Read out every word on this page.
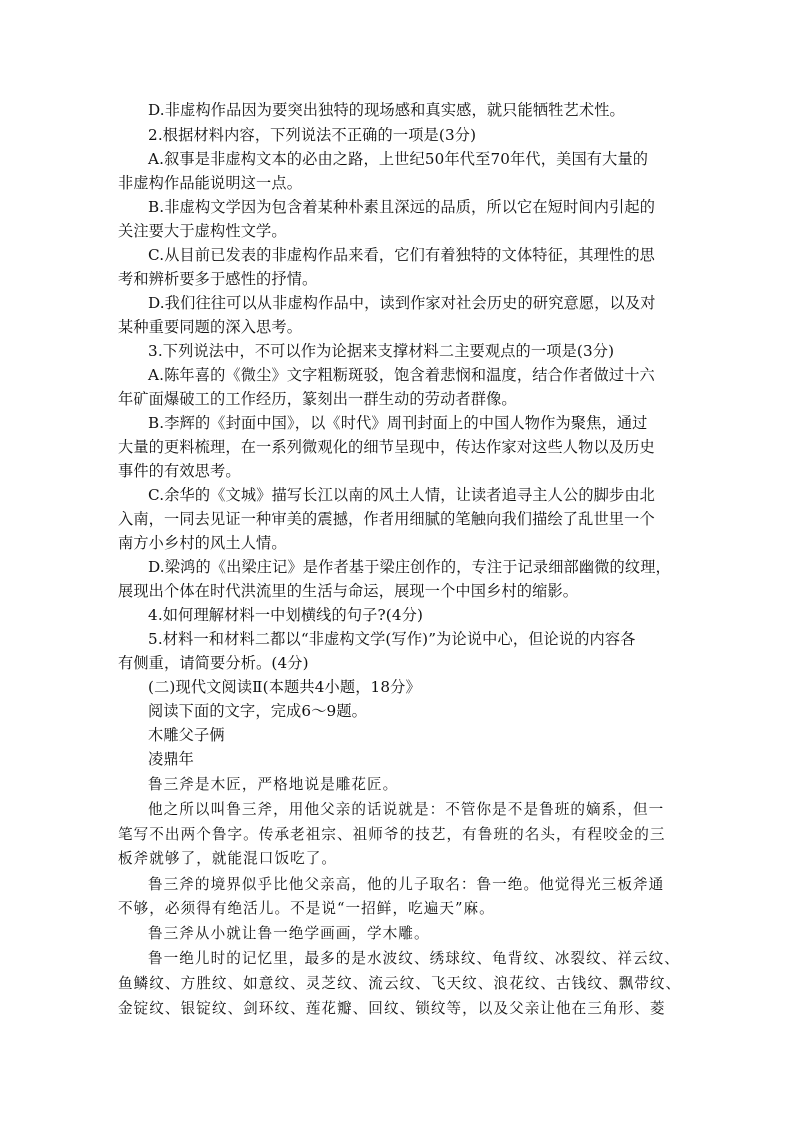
D.非虚构作品因为要突出独特的现场感和真实感，就只能牺牲艺术性。
2.根据材料内容，下列说法不正确的一项是(3分)
A.叙事是非虚构文本的必由之路，上世纪50年代至70年代，美国有大量的
非虚构作品能说明这一点。
B.非虚构文学因为包含着某种朴素且深远的品质，所以它在短时间内引起的
关注要大于虚构性文学。
C.从目前已发表的非虚构作品来看，它们有着独特的文体特征，其理性的思
考和辨析要多于感性的抒情。
D.我们往往可以从非虚构作品中，读到作家对社会历史的研究意愿，以及对
某种重要同题的深入思考。
3.下列说法中，不可以作为论据来支撑材料二主要观点的一项是(3分)
A.陈年喜的《微尘》文字粗粝斑驳，饱含着悲悯和温度，结合作者做过十六
年矿面爆破工的工作经历，篆刻出一群生动的劳动者群像。
B.李辉的《封面中国》，以《时代》周刊封面上的中国人物作为聚焦，通过
大量的更料梳理，在一系列微观化的细节呈现中，传达作家对这些人物以及历史
事件的有效思考。
C.余华的《文城》描写长江以南的风土人情，让读者追寻主人公的脚步由北
入南，一同去见证一种审美的震撼，作者用细腻的笔触向我们描绘了乱世里一个
南方小乡村的风土人情。
D.梁鸿的《出梁庄记》是作者基于梁庄创作的，专注于记录细部幽微的纹理，
展现出个体在时代洪流里的生活与命运，展现一个中国乡村的缩影。
4.如何理解材料一中划横线的句子?(4分)
5.材料一和材料二都以“非虚构文学(写作)”为论说中心，但论说的内容各
有侧重，请简要分析。(4分)
(二)现代文阅读Ⅱ(本题共4小题，18分》
阅读下面的文字，完成6～9题。
木雕父子俩
凌鼎年
鲁三斧是木匠，严格地说是雕花匠。
他之所以叫鲁三斧，用他父亲的话说就是：不管你是不是鲁班的嫡系，但一
笔写不出两个鲁字。传承老祖宗、祖师爷的技艺，有鲁班的名头，有程咬金的三
板斧就够了，就能混口饭吃了。
鲁三斧的境界似乎比他父亲高，他的儿子取名：鲁一绝。他觉得光三板斧通
不够，必须得有绝活儿。不是说“一招鲜，吃遍天”麻。
鲁三斧从小就让鲁一绝学画画，学木雕。
鲁一绝儿时的记忆里，最多的是水波纹、绣球纹、龟背纹、冰裂纹、祥云纹、
鱼鳞纹、方胜纹、如意纹、灵芝纹、流云纹、飞天纹、浪花纹、古钱纹、飘带纹、
金锭纹、银锭纹、剑环纹、莲花瓣、回纹、锁纹等，以及父亲让他在三角形、菱
